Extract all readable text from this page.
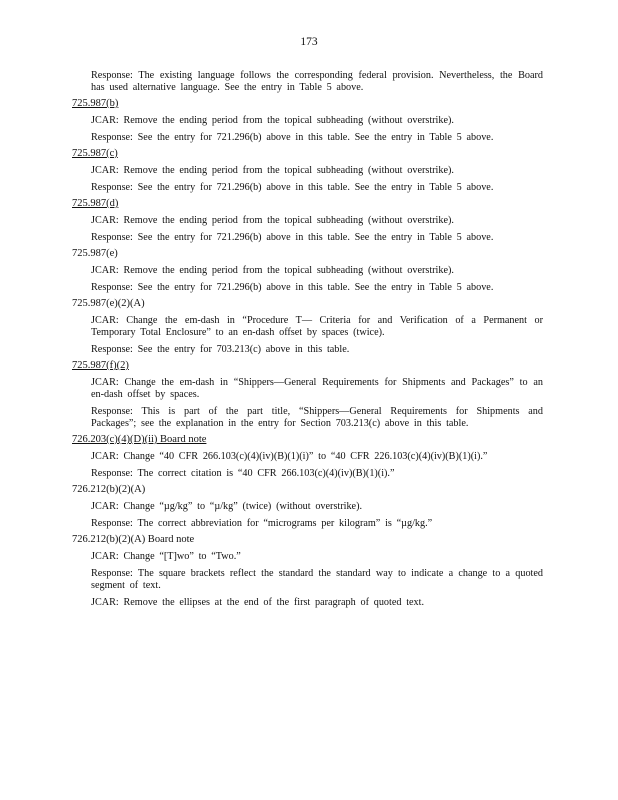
173
Response: The existing language follows the corresponding federal provision. Nevertheless, the Board has used alternative language. See the entry in Table 5 above.
725.987(b)
JCAR: Remove the ending period from the topical subheading (without overstrike).
Response: See the entry for 721.296(b) above in this table. See the entry in Table 5 above.
725.987(c)
JCAR: Remove the ending period from the topical subheading (without overstrike).
Response: See the entry for 721.296(b) above in this table. See the entry in Table 5 above.
725.987(d)
JCAR: Remove the ending period from the topical subheading (without overstrike).
Response: See the entry for 721.296(b) above in this table. See the entry in Table 5 above.
725.987(e)
JCAR: Remove the ending period from the topical subheading (without overstrike).
Response: See the entry for 721.296(b) above in this table. See the entry in Table 5 above.
725.987(e)(2)(A)
JCAR: Change the em-dash in “Procedure T— Criteria for and Verification of a Permanent or Temporary Total Enclosure” to an en-dash offset by spaces (twice).
Response: See the entry for 703.213(c) above in this table.
725.987(f)(2)
JCAR: Change the em-dash in “Shippers—General Requirements for Shipments and Packages” to an en-dash offset by spaces.
Response: This is part of the part title, “Shippers—General Requirements for Shipments and Packages”; see the explanation in the entry for Section 703.213(c) above in this table.
726.203(c)(4)(D)(ii) Board note
JCAR: Change “40 CFR 266.103(c)(4)(iv)(B)(1)(i)” to “40 CFR 226.103(c)(4)(iv)(B)(1)(i).”
Response: The correct citation is “40 CFR 266.103(c)(4)(iv)(B)(1)(i).”
726.212(b)(2)(A)
JCAR: Change “µg/kg” to “µ/kg” (twice) (without overstrike).
Response: The correct abbreviation for “micrograms per kilogram” is “µg/kg.”
726.212(b)(2)(A) Board note
JCAR: Change “[T]wo” to “Two.”
Response: The square brackets reflect the standard the standard way to indicate a change to a quoted segment of text.
JCAR: Remove the ellipses at the end of the first paragraph of quoted text.
